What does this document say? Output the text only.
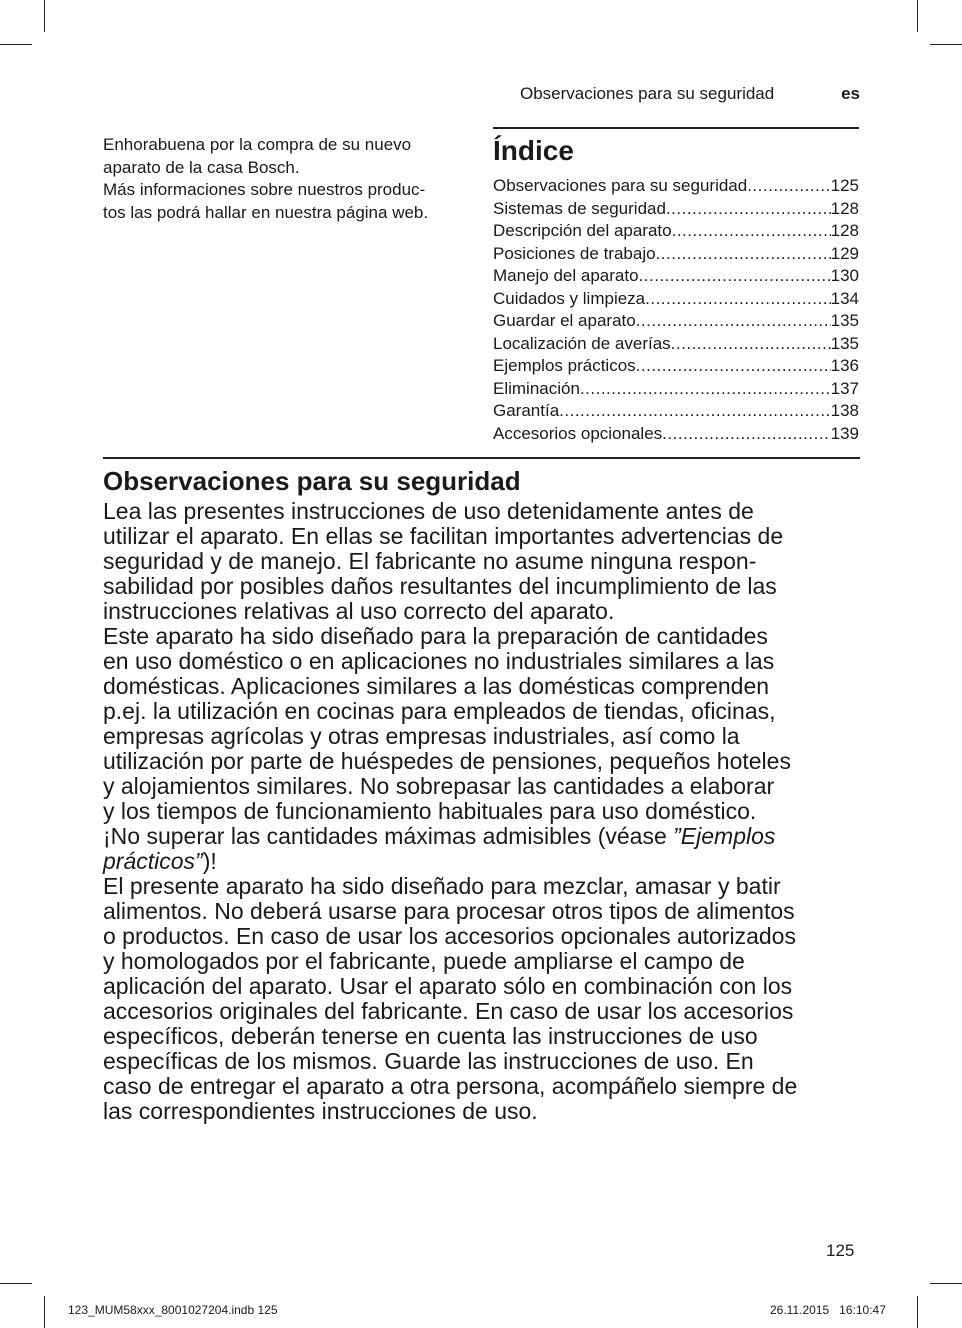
Observaciones para su seguridad	es

Enhorabuena por la compra de su nuevo

aparato de la casa Bosch.

Más informaciones sobre nuestros produc-

tos las podrá hallar en nuestra página web.

Índice
Observaciones para su seguridad .....	125
Sistemas de seguridad .....	128
Descripción del aparato .....	128
Posiciones de trabajo .....	129
Manejo del aparato .....	130
Cuidados y limpieza .....	134
Guardar el aparato .....	135
Localización de averías .....	135
Ejemplos prácticos .....	136
Eliminación .....	137
Garantía .....	138
Accesorios opcionales .....	139
Observaciones para su seguridad

Lea las presentes instrucciones de uso detenidamente antes de

utilizar el aparato. En ellas se facilitan importantes advertencias de

seguridad y de manejo. El fabricante no asume ninguna respon-

sabilidad por posibles daños resultantes del incumplimiento de las

instrucciones relativas al uso correcto del aparato.

Este aparato ha sido diseñado para la preparación de cantidades

en uso doméstico o en aplicaciones no industriales similares a las

domésticas. Aplicaciones similares a las domésticas comprenden

p.ej. la utilización en cocinas para empleados de tiendas, oficinas,

empresas agrícolas y otras empresas industriales, así como la

utilización por parte de huéspedes de pensiones, pequeños hoteles

y alojamientos similares. No sobrepasar las cantidades a elaborar

y los tiempos de funcionamiento habituales para uso doméstico.

¡No superar las cantidades máximas admisibles (véase ”Ejemplos

prácticos”)!

El presente aparato ha sido diseñado para mezclar, amasar y batir

alimentos. No deberá usarse para procesar otros tipos de alimentos

o productos. En caso de usar los accesorios opcionales autorizados

y homologados por el fabricante, puede ampliarse el campo de

aplicación del aparato. Usar el aparato sólo en combinación con los

accesorios originales del fabricante. En caso de usar los accesorios

específicos, deberán tenerse en cuenta las instrucciones de uso

específicas de los mismos. Guarde las instrucciones de uso. En

caso de entregar el aparato a otra persona, acompáñelo siempre de

las correspondientes instrucciones de uso.

125
123_MUM58xxx_8001027204.indb 125	26.11.2015   16:10:47
